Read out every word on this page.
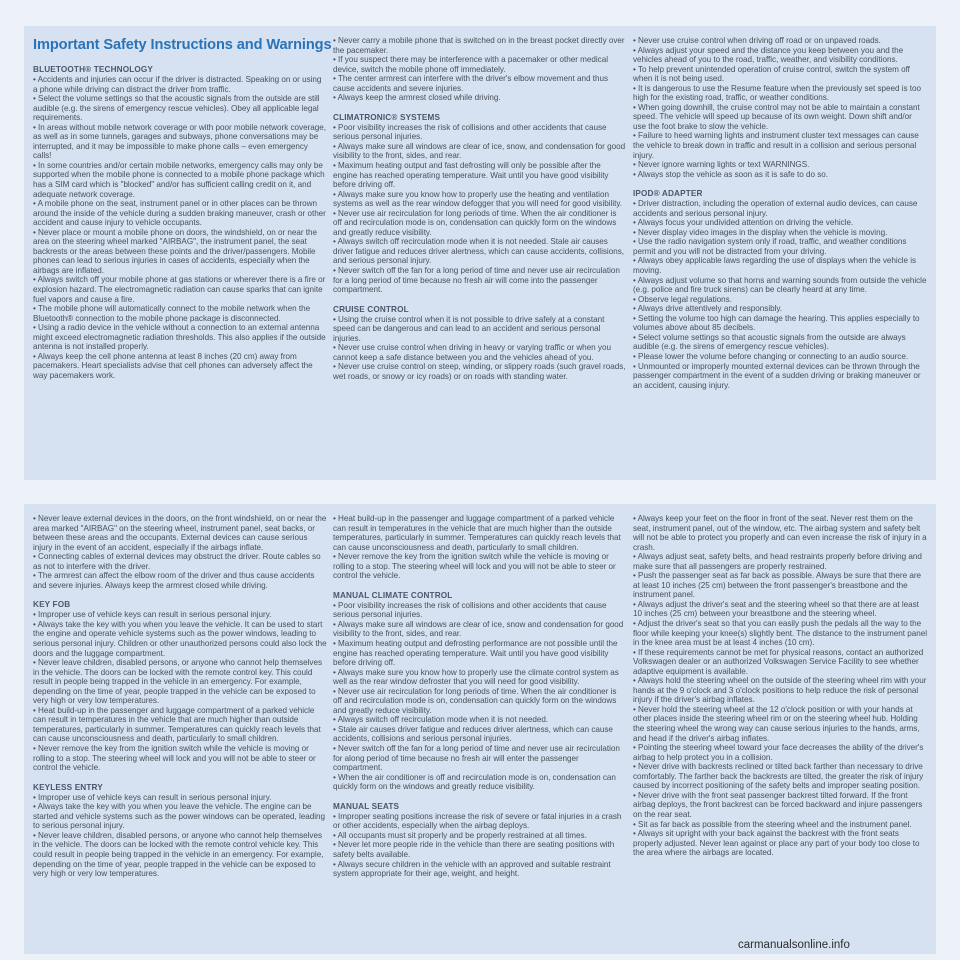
Important Safety Instructions and Warnings
BLUETOOTH® TECHNOLOGY
• Accidents and injuries can occur if the driver is distracted. Speaking on or using a phone while driving can distract the driver from traffic.
• Select the volume settings so that the acoustic signals from the outside are still audible (e.g. the sirens of emergency rescue vehicles). Obey all applicable legal requirements.
• In areas without mobile network coverage or with poor mobile network coverage, as well as in some tunnels, garages and subways, phone conversations may be interrupted, and it may be impossible to make phone calls – even emergency calls!
• In some countries and/or certain mobile networks, emergency calls may only be supported when the mobile phone is connected to a mobile phone package which has a SIM card which is "blocked" and/or has sufficient calling credit on it, and adequate network coverage.
• A mobile phone on the seat, instrument panel or in other places can be thrown around the inside of the vehicle during a sudden braking maneuver, crash or other accident and cause injury to vehicle occupants.
• Never place or mount a mobile phone on doors, the windshield, on or near the area on the steering wheel marked "AIRBAG", the instrument panel, the seat backrests or the areas between these points and the driver/passengers. Mobile phones can lead to serious injuries in cases of accidents, especially when the airbags are inflated.
• Always switch off your mobile phone at gas stations or wherever there is a fire or explosion hazard. The electromagnetic radiation can cause sparks that can ignite fuel vapors and cause a fire.
• The mobile phone will automatically connect to the mobile network when the Bluetooth® connection to the mobile phone package is disconnected.
• Using a radio device in the vehicle without a connection to an external antenna might exceed electromagnetic radiation thresholds. This also applies if the outside antenna is not installed properly.
• Always keep the cell phone antenna at least 8 inches (20 cm) away from pacemakers. Heart specialists advise that cell phones can adversely affect the way pacemakers work.
• Never carry a mobile phone that is switched on in the breast pocket directly over the pacemaker.
• If you suspect there may be interference with a pacemaker or other medical device, switch the mobile phone off immediately.
• The center armrest can interfere with the driver's elbow movement and thus cause accidents and severe injuries.
• Always keep the armrest closed while driving.
CLIMATRONIC® SYSTEMS
• Poor visibility increases the risk of collisions and other accidents that cause serious personal injuries.
• Always make sure all windows are clear of ice, snow, and condensation for good visibility to the front, sides, and rear.
• Maximum heating output and fast defrosting will only be possible after the engine has reached operating temperature. Wait until you have good visibility before driving off.
• Always make sure you know how to properly use the heating and ventilation systems as well as the rear window defogger that you will need for good visibility.
• Never use air recirculation for long periods of time. When the air conditioner is off and recirculation mode is on, condensation can quickly form on the windows and greatly reduce visibility.
• Always switch off recirculation mode when it is not needed. Stale air causes driver fatigue and reduces driver alertness, which can cause accidents, collisions, and serious personal injury.
• Never switch off the fan for a long period of time and never use air recirculation for a long period of time because no fresh air will come into the passenger compartment.
CRUISE CONTROL
• Using the cruise control when it is not possible to drive safely at a constant speed can be dangerous and can lead to an accident and serious personal injuries.
• Never use cruise control when driving in heavy or varying traffic or when you cannot keep a safe distance between you and the vehicles ahead of you.
• Never use cruise control on steep, winding, or slippery roads (such gravel roads, wet roads, or snowy or icy roads) or on roads with standing water.
• Never use cruise control when driving off road or on unpaved roads.
• Always adjust your speed and the distance you keep between you and the vehicles ahead of you to the road, traffic, weather, and visibility conditions.
• To help prevent unintended operation of cruise control, switch the system off when it is not being used.
• It is dangerous to use the Resume feature when the previously set speed is too high for the existing road, traffic, or weather conditions.
• When going downhill, the cruise control may not be able to maintain a constant speed. The vehicle will speed up because of its own weight. Down shift and/or use the foot brake to slow the vehicle.
• Failure to heed warning lights and instrument cluster text messages can cause the vehicle to break down in traffic and result in a collision and serious personal injury.
• Never ignore warning lights or text WARNINGS.
• Always stop the vehicle as soon as it is safe to do so.
IPOD® ADAPTER
• Driver distraction, including the operation of external audio devices, can cause accidents and serious personal injury.
• Always focus your undivided attention on driving the vehicle.
• Never display video images in the display when the vehicle is moving.
• Use the radio navigation system only if road, traffic, and weather conditions permit and you will not be distracted from your driving.
• Always obey applicable laws regarding the use of displays when the vehicle is moving.
• Always adjust volume so that horns and warning sounds from outside the vehicle (e.g. police and fire truck sirens) can be clearly heard at any time.
• Observe legal regulations.
• Always drive attentively and responsibly.
• Setting the volume too high can damage the hearing. This applies especially to volumes above about 85 decibels.
• Select volume settings so that acoustic signals from the outside are always audible (e.g. the sirens of emergency rescue vehicles).
• Please lower the volume before changing or connecting to an audio source.
• Unmounted or improperly mounted external devices can be thrown through the passenger compartment in the event of a sudden driving or braking maneuver or an accident, causing injury.
• Never leave external devices in the doors, on the front windshield, on or near the area marked "AIRBAG" on the steering wheel, instrument panel, seat backs, or between these areas and the occupants. External devices can cause serious injury in the event of an accident, especially if the airbags inflate.
• Connecting cables of external devices may obstruct the driver. Route cables so as not to interfere with the driver.
• The armrest can affect the elbow room of the driver and thus cause accidents and severe injuries. Always keep the armrest closed while driving.
KEY FOB
• Improper use of vehicle keys can result in serious personal injury.
• Always take the key with you when you leave the vehicle. It can be used to start the engine and operate vehicle systems such as the power windows, leading to serious personal injury. Children or other unauthorized persons could also lock the doors and the luggage compartment.
• Never leave children, disabled persons, or anyone who cannot help themselves in the vehicle. The doors can be locked with the remote control key. This could result in people being trapped in the vehicle in an emergency. For example, depending on the time of year, people trapped in the vehicle can be exposed to very high or very low temperatures.
• Heat build-up in the passenger and luggage compartment of a parked vehicle can result in temperatures in the vehicle that are much higher than outside temperatures, particularly in summer. Temperatures can quickly reach levels that can cause unconsciousness and death, particularly to small children.
• Never remove the key from the ignition switch while the vehicle is moving or rolling to a stop. The steering wheel will lock and you will not be able to steer or control the vehicle.
KEYLESS ENTRY
• Improper use of vehicle keys can result in serious personal injury.
• Always take the key with you when you leave the vehicle. The engine can be started and vehicle systems such as the power windows can be operated, leading to serious personal injury.
• Never leave children, disabled persons, or anyone who cannot help themselves in the vehicle. The doors can be locked with the remote control vehicle key. This could result in people being trapped in the vehicle in an emergency. For example, depending on the time of year, people trapped in the vehicle can be exposed to very high or very low temperatures.
• Heat build-up in the passenger and luggage compartment of a parked vehicle can result in temperatures in the vehicle that are much higher than the outside temperatures, particularly in summer. Temperatures can quickly reach levels that can cause unconsciousness and death, particularly to small children.
• Never remove the key from the ignition switch while the vehicle is moving or rolling to a stop. The steering wheel will lock and you will not be able to steer or control the vehicle.
MANUAL CLIMATE CONTROL
• Poor visibility increases the risk of collisions and other accidents that cause serious personal injuries.
• Always make sure all windows are clear of ice, snow and condensation for good visibility to the front, sides, and rear.
• Maximum heating output and defrosting performance are not possible until the engine has reached operating temperature. Wait until you have good visibility before driving off.
• Always make sure you know how to properly use the climate control system as well as the rear window defroster that you will need for good visibility.
• Never use air recirculation for long periods of time. When the air conditioner is off and recirculation mode is on, condensation can quickly form on the windows and greatly reduce visibility.
• Always switch off recirculation mode when it is not needed.
• Stale air causes driver fatigue and reduces driver alertness, which can cause accidents, collisions and serious personal injuries.
• Never switch off the fan for a long period of time and never use air recirculation for along period of time because no fresh air will enter the passenger compartment.
• When the air conditioner is off and recirculation mode is on, condensation can quickly form on the windows and greatly reduce visibility.
MANUAL SEATS
• Improper seating positions increase the risk of severe or fatal injuries in a crash or other accidents, especially when the airbag deploys.
• All occupants must sit properly and be properly restrained at all times.
• Never let more people ride in the vehicle than there are seating positions with safety belts available.
• Always secure children in the vehicle with an approved and suitable restraint system appropriate for their age, weight, and height.
• Always keep your feet on the floor in front of the seat. Never rest them on the seat, instrument panel, out of the window, etc. The airbag system and safety belt will not be able to protect you properly and can even increase the risk of injury in a crash.
• Always adjust seat, safety belts, and head restraints properly before driving and make sure that all passengers are properly restrained.
• Push the passenger seat as far back as possible. Always be sure that there are at least 10 inches (25 cm) between the front passenger's breastbone and the instrument panel.
• Always adjust the driver's seat and the steering wheel so that there are at least 10 inches (25 cm) between your breastbone and the steering wheel.
• Adjust the driver's seat so that you can easily push the pedals all the way to the floor while keeping your knee(s) slightly bent. The distance to the instrument panel in the knee area must be at least 4 inches (10 cm).
• If these requirements cannot be met for physical reasons, contact an authorized Volkswagen dealer or an authorized Volkswagen Service Facility to see whether adaptive equipment is available.
• Always hold the steering wheel on the outside of the steering wheel rim with your hands at the 9 o'clock and 3 o'clock positions to help reduce the risk of personal injury if the driver's airbag inflates.
• Never hold the steering wheel at the 12 o'clock position or with your hands at other places inside the steering wheel rim or on the steering wheel hub. Holding the steering wheel the wrong way can cause serious injuries to the hands, arms, and head if the driver's airbag inflates.
• Pointing the steering wheel toward your face decreases the ability of the driver's airbag to help protect you in a collision.
• Never drive with backrests reclined or tilted back farther than necessary to drive comfortably. The farther back the backrests are tilted, the greater the risk of injury caused by incorrect positioning of the safety belts and improper seating position.
• Never drive with the front seat passenger backrest tilted forward. If the front airbag deploys, the front backrest can be forced backward and injure passengers on the rear seat.
• Sit as far back as possible from the steering wheel and the instrument panel.
• Always sit upright with your back against the backrest with the front seats properly adjusted. Never lean against or place any part of your body too close to the area where the airbags are located.
carmanualsonline.info
